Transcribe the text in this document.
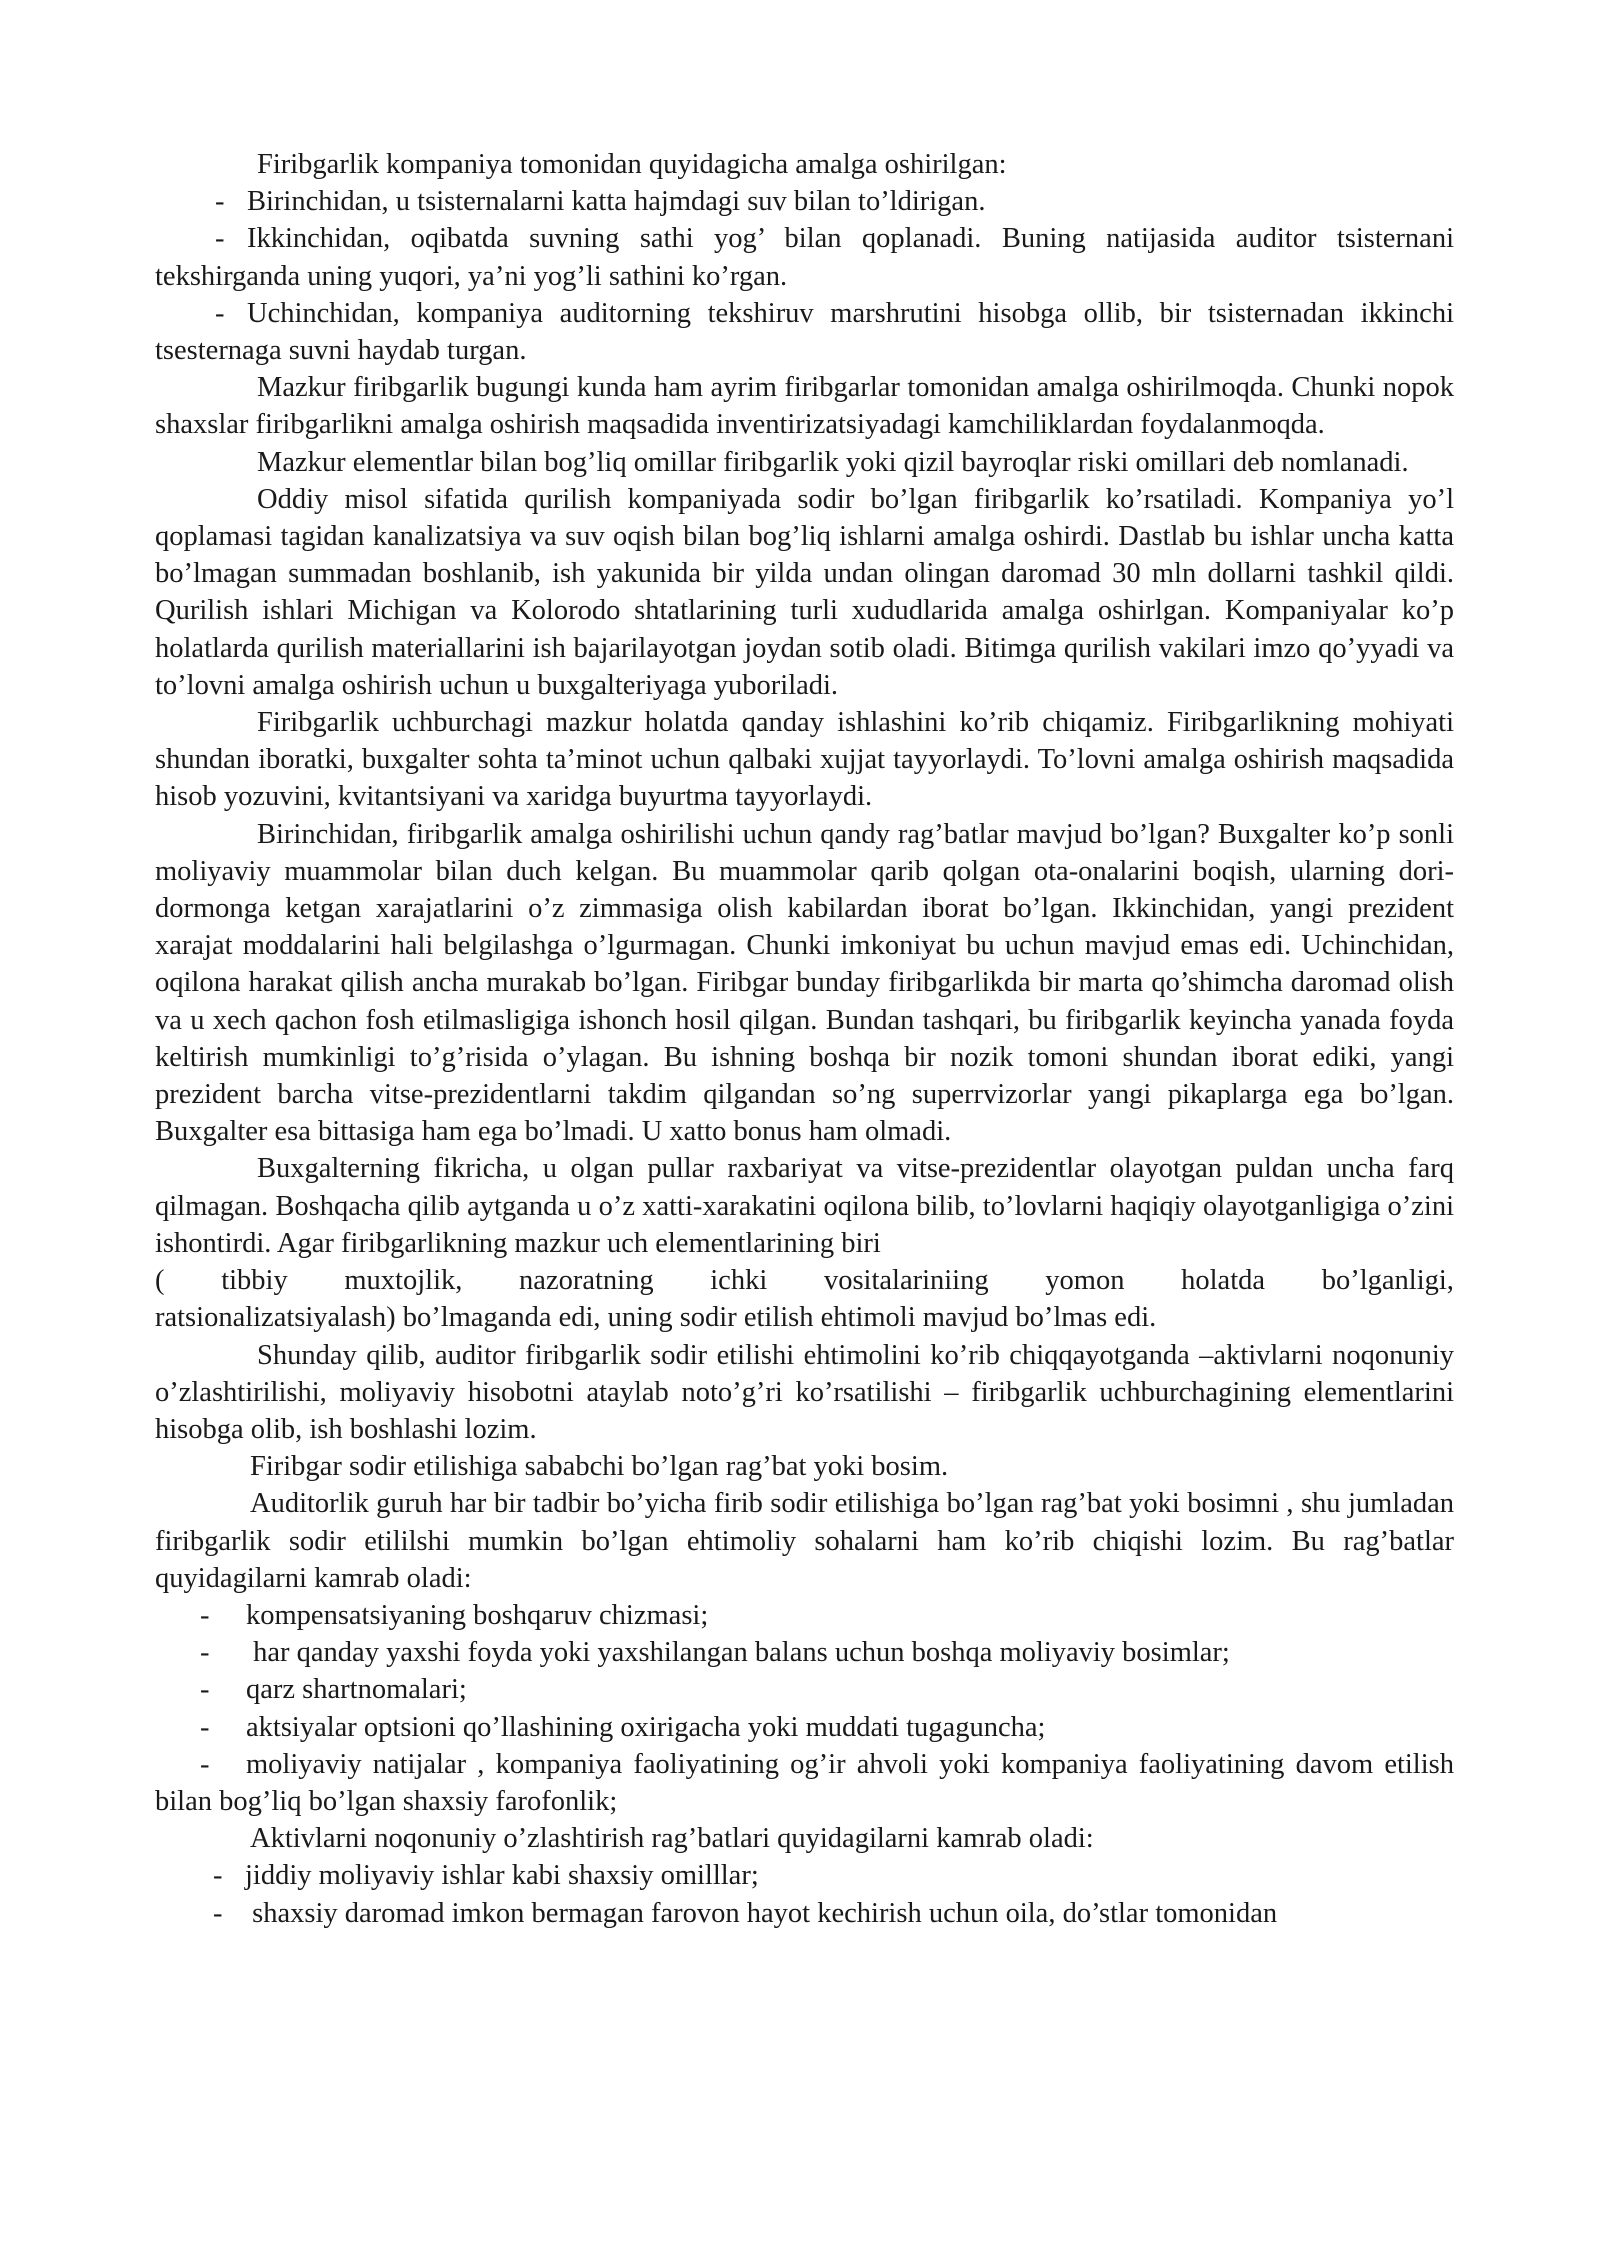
Firibgarlik kompaniya tomonidan quyidagicha amalga oshirilgan:

- Birinchidan, u tsisternalarni katta hajmdagi suv bilan to’ldirigan.

- Ikkinchidan, oqibatda suvning sathi yog’ bilan qoplanadi. Buning natijasida auditor tsisternani tekshirganda uning yuqori, ya’ni yog’li sathini ko’rgan.

- Uchinchidan, kompaniya auditorning tekshiruv marshrutini hisobga ollib, bir tsisternadan ikkinchi tsesternaga suvni haydab turgan.

Mazkur firibgarlik bugungi kunda ham ayrim firibgarlar tomonidan amalga oshirilmoqda. Chunki nopok shaxslar firibgarlikni amalga oshirish maqsadida inventirizatsiyadagi kamchiliklardan foydalanmoqda.

Mazkur elementlar bilan bog’liq omillar firibgarlik yoki qizil bayroqlar riski omillari deb nomlanadi.

Oddiy misol sifatida qurilish kompaniyada sodir bo’lgan firibgarlik ko’rsatiladi. Kompaniya yo’l qoplamasi tagidan kanalizatsiya va suv oqish bilan bog’liq ishlarni amalga oshirdi. Dastlab bu ishlar uncha katta bo’lmagan summadan boshlanib, ish yakunida bir yilda undan olingan daromad 30 mln dollarni tashkil qildi. Qurilish ishlari Michigan va Kolorodo shtatlarining turli xududlarida amalga oshirlgan. Kompaniyalar ko’p holatlarda qurilish materiallarini ish bajarilayotgan joydan sotib oladi. Bitimga qurilish vakilari imzo qo’yyadi va to’lovni amalga oshirish uchun u buxgalteriyaga yuboriladi.

Firibgarlik uchburchagi mazkur holatda qanday ishlashini ko’rib chiqamiz. Firibgarlikning mohiyati shundan iboratki, buxgalter sohta ta’minot uchun qalbaki xujjat tayyorlaydi. To’lovni amalga oshirish maqsadida hisob yozuvini, kvitantsiyani va xaridga buyurtma tayyorlaydi.

Birinchidan, firibgarlik amalga oshirilishi uchun qandy rag’batlar mavjud bo’lgan? Buxgalter ko’p sonli moliyaviy muammolar bilan duch kelgan. Bu muammolar qarib qolgan ota-onalarini boqish, ularning dori-dormonga ketgan xarajatlarini o’z zimmasiga olish kabilardan iborat bo’lgan. Ikkinchidan, yangi prezident xarajat moddalarini hali belgilashga o’lgurmagan. Chunki imkoniyat bu uchun mavjud emas edi. Uchinchidan, oqilona harakat qilish ancha murakab bo’lgan. Firibgar bunday firibgarlikda bir marta qo’shimcha daromad olish va u xech qachon fosh etilmasligiga ishonch hosil qilgan. Bundan tashqari, bu firibgarlik keyincha yanada foyda keltirish mumkinligi to’g’risida o’ylagan. Bu ishning boshqa bir nozik tomoni shundan iborat ediki, yangi prezident barcha vitse-prezidentlarni takdim qilgandan so’ng superrvizorlar yangi pikaplarga ega bo’lgan. Buxgalter esa bittasiga ham ega bo’lmadi. U xatto bonus ham olmadi.

Buxgalterning fikricha, u olgan pullar raxbariyat va vitse-prezidentlar olayotgan puldan uncha farq qilmagan. Boshqacha qilib aytganda u o’z xatti-xarakatini oqilona bilib, to’lovlarni haqiqiy olayotganligiga o’zini ishontirdi. Agar firibgarlikning mazkur uch elementlarining biri

( tibbiy muxtojlik, nazoratning ichki vositalariniing yomon holatda bo’lganligi,

ratsionalizatsiyalash) bo’lmaganda edi, uning sodir etilish ehtimoli mavjud bo’lmas edi.

Shunday qilib, auditor firibgarlik sodir etilishi ehtimolini ko’rib chiqqayotganda –aktivlarni noqonuniy o’zlashtirilishi, moliyaviy hisobotni ataylab noto’g’ri ko’rsatilishi – firibgarlik uchburchagining elementlarini hisobga olib, ish boshlashi lozim.

Firibgar sodir etilishiga sababchi bo’lgan rag’bat yoki bosim.

Auditorlik guruh har bir tadbir bo’yicha firib sodir etilishiga bo’lgan rag’bat yoki bosimni , shu jumladan firibgarlik sodir etililshi mumkin bo’lgan ehtimoliy sohalarni ham ko’rib chiqishi lozim. Bu rag’batlar quyidagilarni kamrab oladi:

- kompensatsiyaning boshqaruv chizmasi;

- har qanday yaxshi foyda yoki yaxshilangan balans uchun boshqa moliyaviy bosimlar;

- qarz shartnomalari;

- aktsiyalar optsioni qo’llashining oxirigacha yoki muddati tugaguncha;

- moliyaviy natijalar , kompaniya faoliyatining og’ir ahvoli yoki kompaniya faoliyatining davom etilish bilan bog’liq bo’lgan shaxsiy farofonlik;

Aktivlarni noqonuniy o’zlashtirish rag’batlari quyidagilarni kamrab oladi:

- jiddiy moliyaviy ishlar kabi shaxsiy omilllar;

- shaxsiy daromad imkon bermagan farovon hayot kechirish uchun oila, do’stlar tomonidan
